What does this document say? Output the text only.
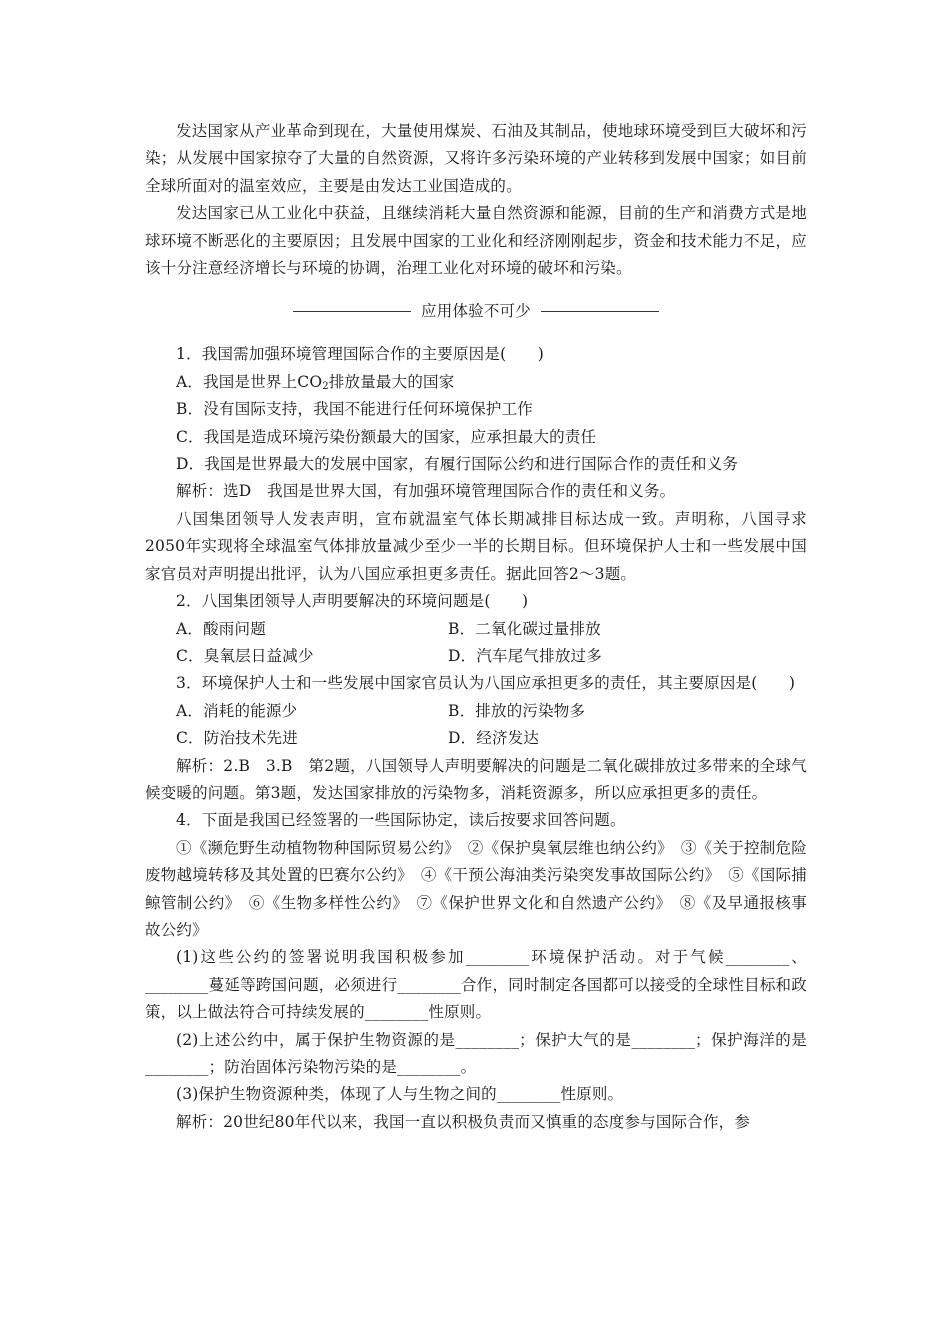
发达国家从产业革命到现在，大量使用煤炭、石油及其制品，使地球环境受到巨大破坏和污染；从发展中国家掠夺了大量的自然资源，又将许多污染环境的产业转移到发展中国家；如目前全球所面对的温室效应，主要是由发达工业国造成的。

发达国家已从工业化中获益，且继续消耗大量自然资源和能源，目前的生产和消费方式是地球环境不断恶化的主要原因；且发展中国家的工业化和经济刚刚起步，资金和技术能力不足，应该十分注意经济增长与环境的协调，治理工业化对环境的破坏和污染。

应用体验不可少

1．我国需加强环境管理国际合作的主要原因是(　　)

A．我国是世界上$CO_2$排放量最大的国家

B．没有国际支持，我国不能进行任何环境保护工作

C．我国是造成环境污染份额最大的国家，应承担最大的责任

D．我国是世界最大的发展中国家，有履行国际公约和进行国际合作的责任和义务

解析：选D　我国是世界大国，有加强环境管理国际合作的责任和义务。

八国集团领导人发表声明，宣布就温室气体长期减排目标达成一致。声明称，八国寻求2050年实现将全球温室气体排放量减少至少一半的长期目标。但环境保护人士和一些发展中国家官员对声明提出批评，认为八国应承担更多责任。据此回答2～3题。

2．八国集团领导人声明要解决的环境问题是(　　)

A．酸雨问题	B．二氧化碳过量排放
C．臭氧层日益减少	D．汽车尾气排放过多

3．环境保护人士和一些发展中国家官员认为八国应承担更多的责任，其主要原因是(　　)

A．消耗的能源少	B．排放的污染物多
C．防治技术先进	D．经济发达

解析：2.B　3.B　第2题，八国领导人声明要解决的问题是二氧化碳排放过多带来的全球气候变暖的问题。第3题，发达国家排放的污染物多，消耗资源多，所以应承担更多的责任。

4．下面是我国已经签署的一些国际协定，读后按要求回答问题。

①《濒危野生动植物物种国际贸易公约》　②《保护臭氧层维也纳公约》　③《关于控制危险废物越境转移及其处置的巴赛尔公约》　④《干预公海油类污染突发事故国际公约》　⑤《国际捕鲸管制公约》　⑥《生物多样性公约》　⑦《保护世界文化和自然遗产公约》　⑧《及早通报核事故公约》

(1)这些公约的签署说明我国积极参加________环境保护活动。对于气候________、________蔓延等跨国问题，必须进行________合作，同时制定各国都可以接受的全球性目标和政策，以上做法符合可持续发展的________性原则。

(2)上述公约中，属于保护生物资源的是________；保护大气的是________；保护海洋的是________；防治固体污染物污染的是________。

(3)保护生物资源种类，体现了人与生物之间的________性原则。

解析：20世纪80年代以来，我国一直以积极负责而又慎重的态度参与国际合作，参
